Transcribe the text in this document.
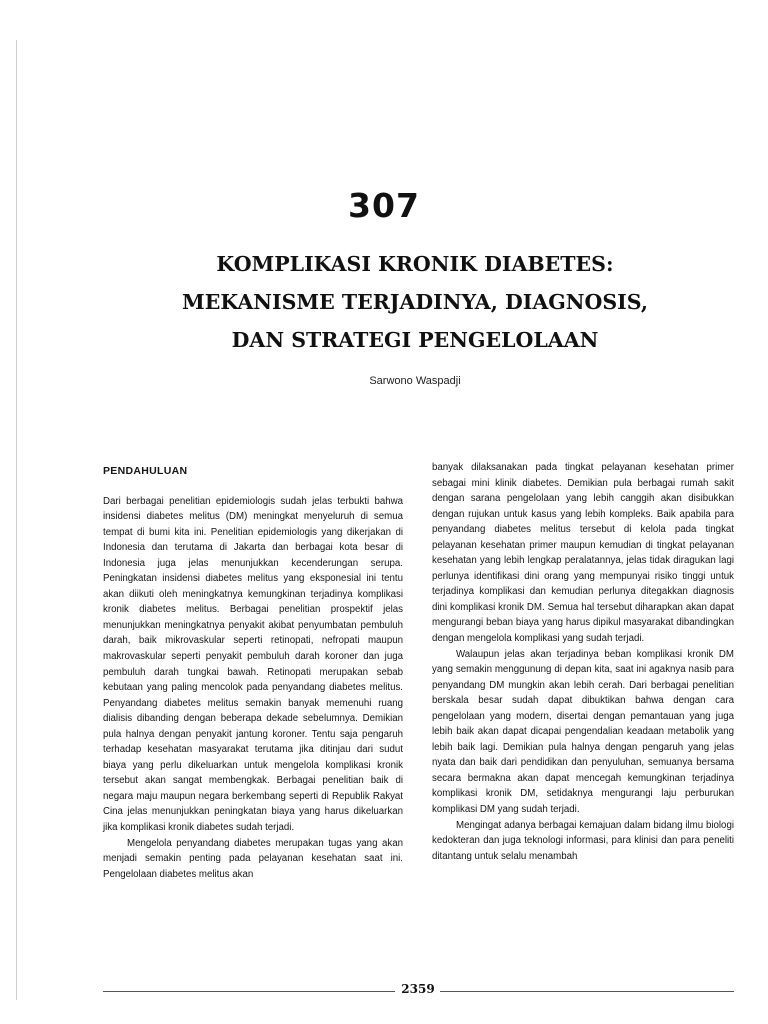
307
KOMPLIKASI KRONIK DIABETES:
MEKANISME TERJADINYA, DIAGNOSIS,
DAN STRATEGI PENGELOLAAN
Sarwono Waspadji
PENDAHULUAN

Dari berbagai penelitian epidemiologis sudah jelas terbukti bahwa insidensi diabetes melitus (DM) meningkat menyeluruh di semua tempat di bumi kita ini. Penelitian epidemiologis yang dikerjakan di Indonesia dan terutama di Jakarta dan berbagai kota besar di Indonesia juga jelas menunjukkan kecenderungan serupa. Peningkatan insidensi diabetes melitus yang eksponesial ini tentu akan diikuti oleh meningkatnya kemungkinan terjadinya komplikasi kronik diabetes melitus. Berbagai penelitian prospektif jelas menunjukkan meningkatnya penyakit akibat penyumbatan pembuluh darah, baik mikrovaskular seperti retinopati, nefropati maupun makrovaskular seperti penyakit pembuluh darah koroner dan juga pembuluh darah tungkai bawah. Retinopati merupakan sebab kebutaan yang paling mencolok pada penyandang diabetes melitus. Penyandang diabetes melitus semakin banyak memenuhi ruang dialisis dibanding dengan beberapa dekade sebelumnya. Demikian pula halnya dengan penyakit jantung koroner. Tentu saja pengaruh terhadap kesehatan masyarakat terutama jika ditinjau dari sudut biaya yang perlu dikeluarkan untuk mengelola komplikasi kronik tersebut akan sangat membengkak. Berbagai penelitian baik di negara maju maupun negara berkembang seperti di Republik Rakyat Cina jelas menunjukkan peningkatan biaya yang harus dikeluarkan jika komplikasi kronik diabetes sudah terjadi.

Mengelola penyandang diabetes merupakan tugas yang akan menjadi semakin penting pada pelayanan kesehatan saat ini. Pengelolaan diabetes melitus akan

banyak dilaksanakan pada tingkat pelayanan kesehatan primer sebagai mini klinik diabetes. Demikian pula berbagai rumah sakit dengan sarana pengelolaan yang lebih canggih akan disibukkan dengan rujukan untuk kasus yang lebih kompleks. Baik apabila para penyandang diabetes melitus tersebut di kelola pada tingkat pelayanan kesehatan primer maupun kemudian di tingkat pelayanan kesehatan yang lebih lengkap peralatannya, jelas tidak diragukan lagi perlunya identifikasi dini orang yang mempunyai risiko tinggi untuk terjadinya komplikasi dan kemudian perlunya ditegakkan diagnosis dini komplikasi kronik DM. Semua hal tersebut diharapkan akan dapat mengurangi beban biaya yang harus dipikul masyarakat dibandingkan dengan mengelola komplikasi yang sudah terjadi.

Walaupun jelas akan terjadinya beban komplikasi kronik DM yang semakin menggunung di depan kita, saat ini agaknya nasib para penyandang DM mungkin akan lebih cerah. Dari berbagai penelitian berskala besar sudah dapat dibuktikan bahwa dengan cara pengelolaan yang modern, disertai dengan pemantauan yang juga lebih baik akan dapat dicapai pengendalian keadaan metabolik yang lebih baik lagi. Demikian pula halnya dengan pengaruh yang jelas nyata dan baik dari pendidikan dan penyuluhan, semuanya bersama secara bermakna akan dapat mencegah kemungkinan terjadinya komplikasi kronik DM, setidaknya mengurangi laju perburukan komplikasi DM yang sudah terjadi.

Mengingat adanya berbagai kemajuan dalam bidang ilmu biologi kedokteran dan juga teknologi informasi, para klinisi dan para peneliti ditantang untuk selalu menambah

2359
